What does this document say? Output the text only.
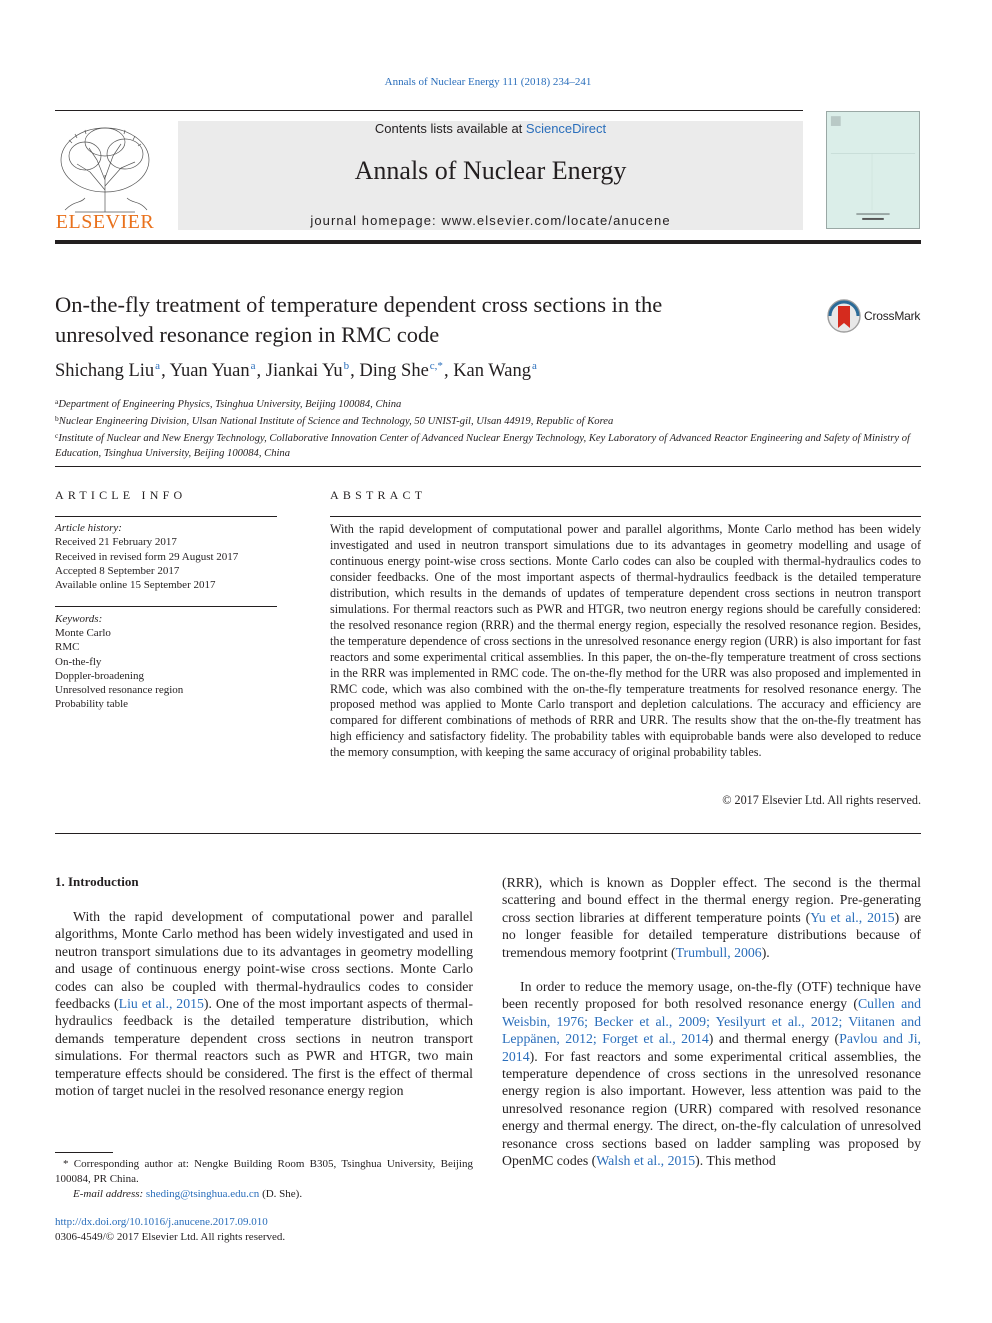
Annals of Nuclear Energy 111 (2018) 234–241
ELSEVIER
Contents lists available at ScienceDirect
Annals of Nuclear Energy
journal homepage: www.elsevier.com/locate/anucene
On-the-fly treatment of temperature dependent cross sections in the
unresolved resonance region in RMC code
CrossMark
Shichang Liu$^a$, Yuan Yuan$^a$, Jiankai Yu$^b$, Ding She$^{c,*}$, Kan Wang$^a$
$^a$Department of Engineering Physics, Tsinghua University, Beijing 100084, China
$^b$Nuclear Engineering Division, Ulsan National Institute of Science and Technology, 50 UNIST-gil, Ulsan 44919, Republic of Korea
$^c$Institute of Nuclear and New Energy Technology, Collaborative Innovation Center of Advanced Nuclear Energy Technology, Key Laboratory of Advanced Reactor Engineering and Safety of Ministry of Education, Tsinghua University, Beijing 100084, China
ARTICLE INFO	ABSTRACT
Article history:
Received 21 February 2017
Received in revised form 29 August 2017
Accepted 8 September 2017
Available online 15 September 2017
Keywords:
Monte Carlo
RMC
On-the-fly
Doppler-broadening
Unresolved resonance region
Probability table
With the rapid development of computational power and parallel algorithms, Monte Carlo method has been widely investigated and used in neutron transport simulations due to its advantages in geometry modelling and usage of continuous energy point-wise cross sections. Monte Carlo codes can also be coupled with thermal-hydraulics codes to consider feedbacks. One of the most important aspects of thermal-hydraulics feedback is the detailed temperature distribution, which results in the demands of updates of temperature dependent cross sections in neutron transport simulations. For thermal reactors such as PWR and HTGR, two neutron energy regions should be carefully considered: the resolved resonance region (RRR) and the thermal energy region, especially the resolved resonance region. Besides, the temperature dependence of cross sections in the unresolved resonance energy region (URR) is also important for fast reactors and some experimental critical assemblies. In this paper, the on-the-fly temperature treatment of cross sections in the RRR was implemented in RMC code. The on-the-fly method for the URR was also proposed and implemented in RMC code, which was also combined with the on-the-fly temperature treatments for resolved resonance energy. The proposed method was applied to Monte Carlo transport and depletion calculations. The accuracy and efficiency are compared for different combinations of methods of RRR and URR. The results show that the on-the-fly treatment has high efficiency and satisfactory fidelity. The probability tables with equiprobable bands were also developed to reduce the memory consumption, with keeping the same accuracy of original probability tables.
© 2017 Elsevier Ltd. All rights reserved.
1. Introduction
With the rapid development of computational power and parallel algorithms, Monte Carlo method has been widely investigated and used in neutron transport simulations due to its advantages in geometry modelling and usage of continuous energy point-wise cross sections. Monte Carlo codes can also be coupled with thermal-hydraulics codes to consider feedbacks (Liu et al., 2015). One of the most important aspects of thermal-hydraulics feedback is the detailed temperature distribution, which demands temperature dependent cross sections in neutron transport simulations. For thermal reactors such as PWR and HTGR, two main temperature effects should be considered. The first is the effect of thermal motion of target nuclei in the resolved resonance energy region
(RRR), which is known as Doppler effect. The second is the thermal scattering and bound effect in the thermal energy region. Pre-generating cross section libraries at different temperature points (Yu et al., 2015) are no longer feasible for detailed temperature distributions because of tremendous memory footprint (Trumbull, 2006).
In order to reduce the memory usage, on-the-fly (OTF) technique have been recently proposed for both resolved resonance energy (Cullen and Weisbin, 1976; Becker et al., 2009; Yesilyurt et al., 2012; Viitanen and Leppänen, 2012; Forget et al., 2014) and thermal energy (Pavlou and Ji, 2014). For fast reactors and some experimental critical assemblies, the temperature dependence of cross sections in the unresolved resonance energy region is also important. However, less attention was paid to the unresolved resonance region (URR) compared with resolved resonance energy and thermal energy. The direct, on-the-fly calculation of unresolved resonance cross sections based on ladder sampling was proposed by OpenMC codes (Walsh et al., 2015). This method
* Corresponding author at: Nengke Building Room B305, Tsinghua University, Beijing 100084, PR China.
E-mail address: sheding@tsinghua.edu.cn (D. She).
http://dx.doi.org/10.1016/j.anucene.2017.09.010
0306-4549/© 2017 Elsevier Ltd. All rights reserved.
